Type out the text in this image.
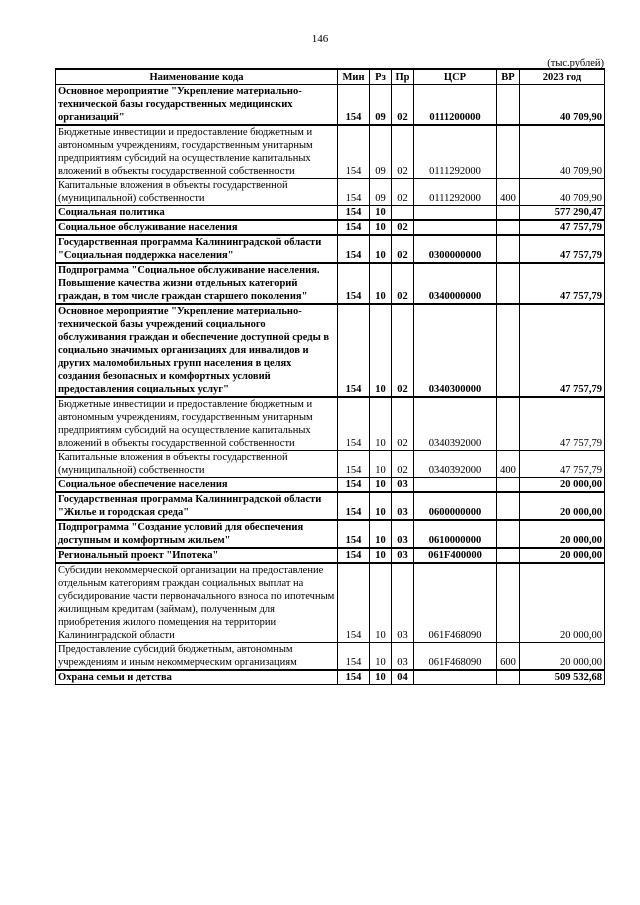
146
(тыс.рублей)
Наименование кода	Мин	Рз	Пр	ЦСР	ВР	2023 год
Основное мероприятие "Укрепление материально-технической базы государственных медицинских организаций"	154	09	02	0111200000		40 709,90
Бюджетные инвестиции и предоставление бюджетным и автономным учреждениям, государственным унитарным предприятиям субсидий на осуществление капитальных вложений в объекты государственной собственности	154	09	02	0111292000		40 709,90
Капитальные вложения в объекты государственной (муниципальной) собственности	154	09	02	0111292000	400	40 709,90
Социальная политика	154	10				577 290,47
Социальное обслуживание населения	154	10	02			47 757,79
Государственная программа Калининградской области "Социальная поддержка населения"	154	10	02	0300000000		47 757,79
Подпрограмма "Социальное обслуживание населения. Повышение качества жизни отдельных категорий граждан, в том числе граждан старшего поколения"	154	10	02	0340000000		47 757,79
Основное мероприятие "Укрепление материально-технической базы учреждений социального обслуживания граждан и обеспечение доступной среды в социально значимых организациях для инвалидов и других маломобильных групп населения в целях создания безопасных и комфортных условий предоставления социальных услуг"	154	10	02	0340300000		47 757,79
Бюджетные инвестиции и предоставление бюджетным и автономным учреждениям, государственным унитарным предприятиям субсидий на осуществление капитальных вложений в объекты государственной собственности	154	10	02	0340392000		47 757,79
Капитальные вложения в объекты государственной (муниципальной) собственности	154	10	02	0340392000	400	47 757,79
Социальное обеспечение населения	154	10	03			20 000,00
Государственная программа Калининградской области "Жилье и городская среда"	154	10	03	0600000000		20 000,00
Подпрограмма "Создание условий для обеспечения доступным и комфортным жильем"	154	10	03	0610000000		20 000,00
Региональный проект "Ипотека"	154	10	03	061F400000		20 000,00
Субсидии некоммерческой организации на предоставление отдельным категориям граждан социальных выплат на субсидирование части первоначального взноса по ипотечным жилищным кредитам (займам), полученным для приобретения жилого помещения на территории Калининградской области	154	10	03	061F468090		20 000,00
Предоставление субсидий бюджетным, автономным учреждениям и иным некоммерческим организациям	154	10	03	061F468090	600	20 000,00
Охрана семьи и детства	154	10	04			509 532,68
